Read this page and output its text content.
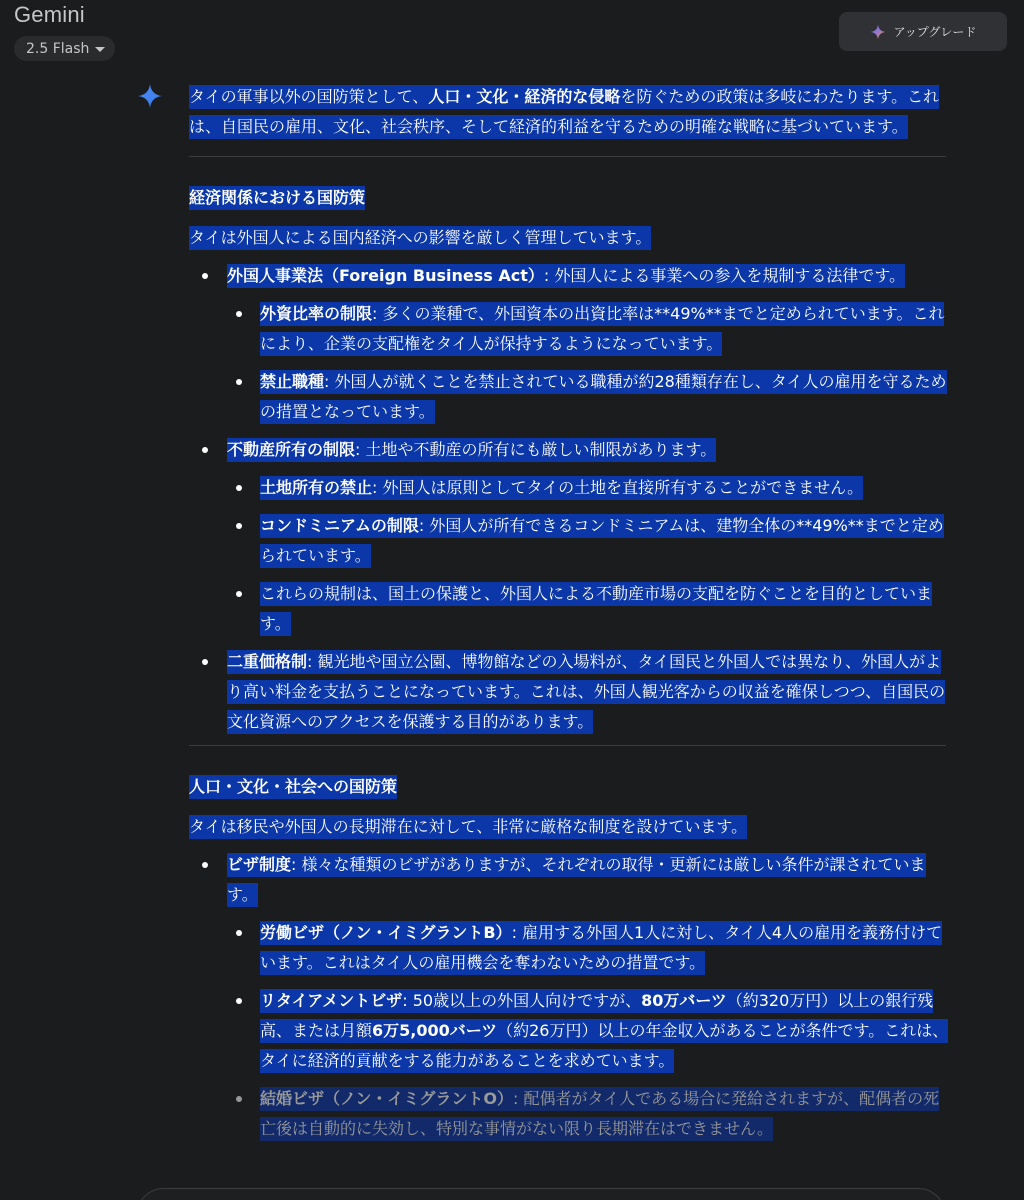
Gemini
2.5 Flash
アップグレード

タイの軍事以外の国防策として、人口・文化・経済的な侵略を防ぐための政策は多岐にわたります。これは、自国民の雇用、文化、社会秩序、そして経済的利益を守るための明確な戦略に基づいています。

経済関係における国防策

タイは外国人による国内経済への影響を厳しく管理しています。

外国人事業法（Foreign Business Act）: 外国人による事業への参入を規制する法律です。
外資比率の制限: 多くの業種で、外国資本の出資比率は**49%**までと定められています。これにより、企業の支配権をタイ人が保持するようになっています。
禁止職種: 外国人が就くことを禁止されている職種が約28種類存在し、タイ人の雇用を守るための措置となっています。
不動産所有の制限: 土地や不動産の所有にも厳しい制限があります。
土地所有の禁止: 外国人は原則としてタイの土地を直接所有することができません。
コンドミニアムの制限: 外国人が所有できるコンドミニアムは、建物全体の**49%**までと定められています。
これらの規制は、国土の保護と、外国人による不動産市場の支配を防ぐことを目的としています。
二重価格制: 観光地や国立公園、博物館などの入場料が、タイ国民と外国人では異なり、外国人がより高い料金を支払うことになっています。これは、外国人観光客からの収益を確保しつつ、自国民の文化資源へのアクセスを保護する目的があります。
人口・文化・社会への国防策

タイは移民や外国人の長期滞在に対して、非常に厳格な制度を設けています。

ビザ制度: 様々な種類のビザがありますが、それぞれの取得・更新には厳しい条件が課されています。
労働ビザ（ノン・イミグラントB）: 雇用する外国人1人に対し、タイ人4人の雇用を義務付けています。これはタイ人の雇用機会を奪わないための措置です。
リタイアメントビザ: 50歳以上の外国人向けですが、80万バーツ（約320万円）以上の銀行残高、または月額6万5,000バーツ（約26万円）以上の年金収入があることが条件です。これは、タイに経済的貢献をする能力があることを求めています。
結婚ビザ（ノン・イミグラントO）: 配偶者がタイ人である場合に発給されますが、配偶者の死亡後は自動的に失効し、特別な事情がない限り長期滞在はできません。
